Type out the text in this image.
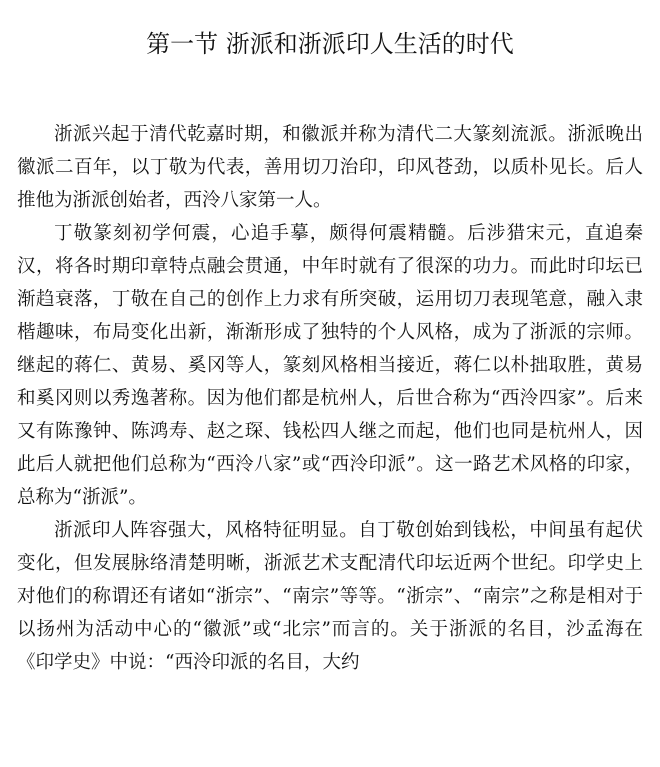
第一节 浙派和浙派印人生活的时代

浙派兴起于清代乾嘉时期，和徽派并称为清代二大篆刻流派。浙派晚出徽派二百年，以丁敬为代表，善用切刀治印，印风苍劲，以质朴见长。后人推他为浙派创始者，西泠八家第一人。

丁敬篆刻初学何震，心追手摹，颇得何震精髓。后涉猎宋元，直追秦汉，将各时期印章特点融会贯通，中年时就有了很深的功力。而此时印坛已渐趋衰落，丁敬在自己的创作上力求有所突破，运用切刀表现笔意，融入隶楷趣味，布局变化出新，渐渐形成了独特的个人风格，成为了浙派的宗师。继起的蒋仁、黄易、奚冈等人，篆刻风格相当接近，蒋仁以朴拙取胜，黄易和奚冈则以秀逸著称。因为他们都是杭州人，后世合称为“西泠四家”。后来又有陈豫钟、陈鸿寿、赵之琛、钱松四人继之而起，他们也同是杭州人，因此后人就把他们总称为“西泠八家”或“西泠印派”。这一路艺术风格的印家，总称为“浙派”。

浙派印人阵容强大，风格特征明显。自丁敬创始到钱松，中间虽有起伏变化，但发展脉络清楚明晰，浙派艺术支配清代印坛近两个世纪。印学史上对他们的称谓还有诸如“浙宗”、“南宗”等等。“浙宗”、“南宗”之称是相对于以扬州为活动中心的“徽派”或“北宗”而言的。关于浙派的名目，沙孟海在《印学史》中说：“西泠印派的名目，大约
